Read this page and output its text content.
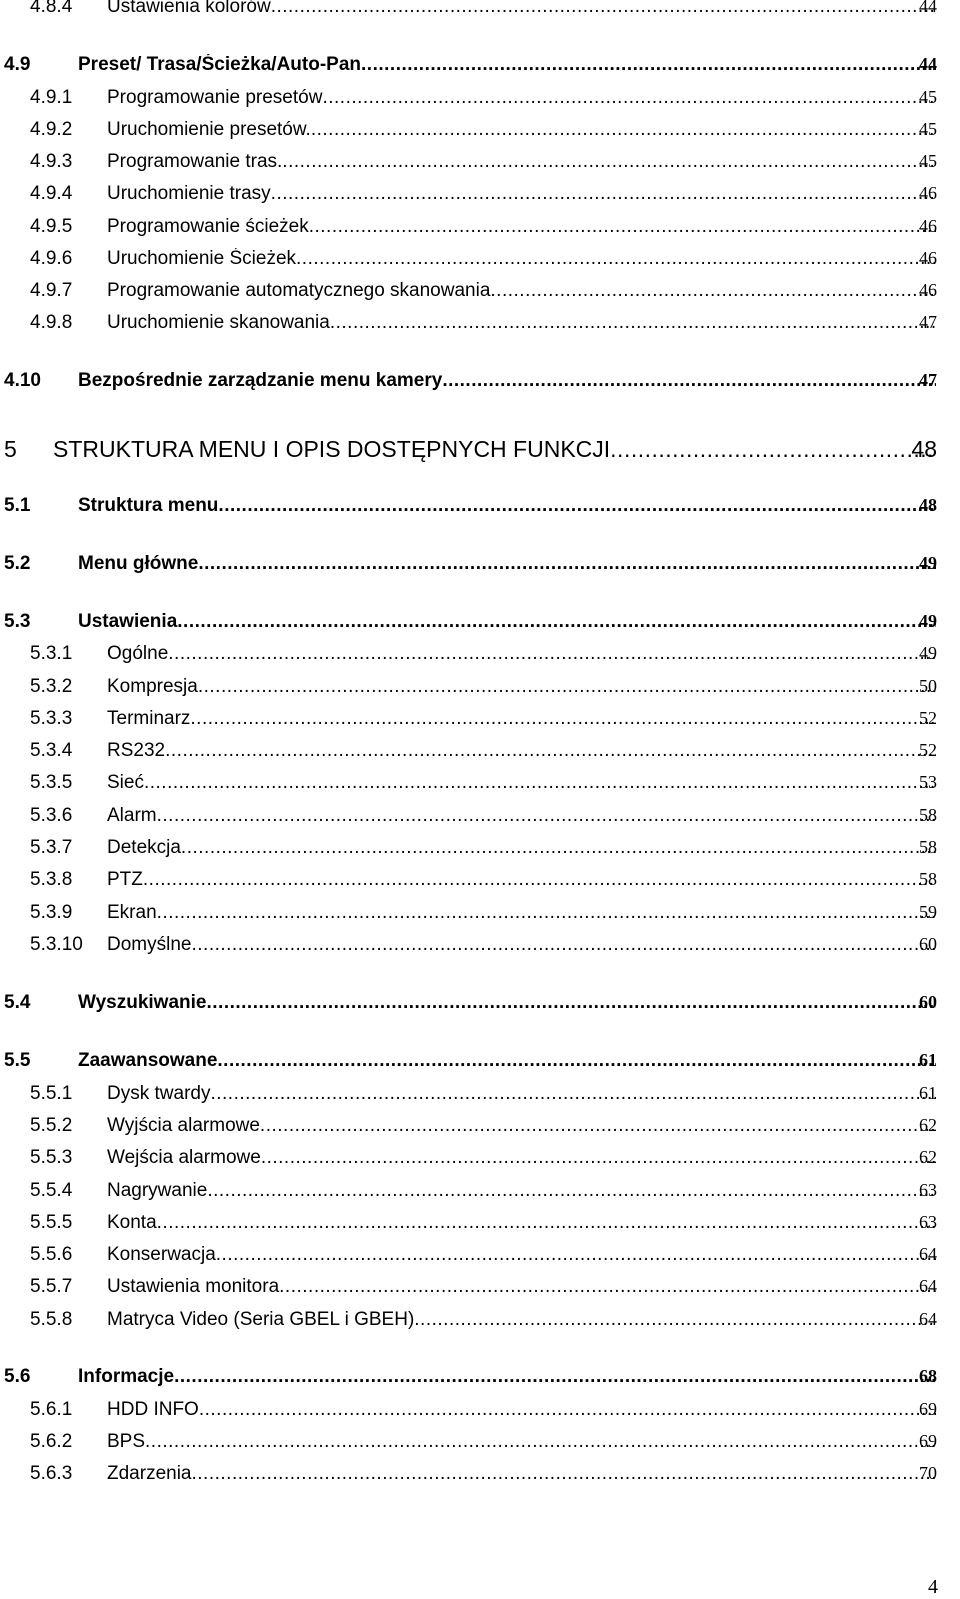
4.8.4 Ustawienia kolorów .....	44
4.9	Preset/ Trasa/Ścieżka/Auto-Pan .....	44
4.9.1 Programowanie presetów .....	45
4.9.2 Uruchomienie presetów. .....	45
4.9.3 Programowanie tras. .....	45
4.9.4 Uruchomienie trasy .....	46
4.9.5 Programowanie ścieżek .....	46
4.9.6 Uruchomienie Ścieżek .....	46
4.9.7 Programowanie automatycznego skanowania .....	46
4.9.8 Uruchomienie skanowania .....	47
4.10 Bezpośrednie zarządzanie menu kamery .....	47
5 STRUKTURA MENU I OPIS DOSTĘPNYCH FUNKCJI .....	48
5.1	Struktura menu .....	48
5.2	Menu główne .....	49
5.3	Ustawienia .....	49
5.3.1 Ogólne .....	49
5.3.2 Kompresja .....	50
5.3.3 Terminarz .....	52
5.3.4 RS232 .....	52
5.3.5 Sieć .....	53
5.3.6 Alarm .....	58
5.3.7 Detekcja .....	58
5.3.8 PTZ .....	58
5.3.9 Ekran .....	59
5.3.10 Domyślne .....	60
5.4	Wyszukiwanie .....	60
5.5	Zaawansowane .....	61
5.5.1 Dysk twardy .....	61
5.5.2 Wyjścia alarmowe .....	62
5.5.3 Wejścia alarmowe .....	62
5.5.4 Nagrywanie .....	63
5.5.5 Konta .....	63
5.5.6 Konserwacja .....	64
5.5.7 Ustawienia monitora .....	64
5.5.8 Matryca Video (Seria GBEL i GBEH) .....	64
5.6	Informacje .....	68
5.6.1 HDD INFO .....	69
5.6.2 BPS .....	69
5.6.3 Zdarzenia .....	70
4
